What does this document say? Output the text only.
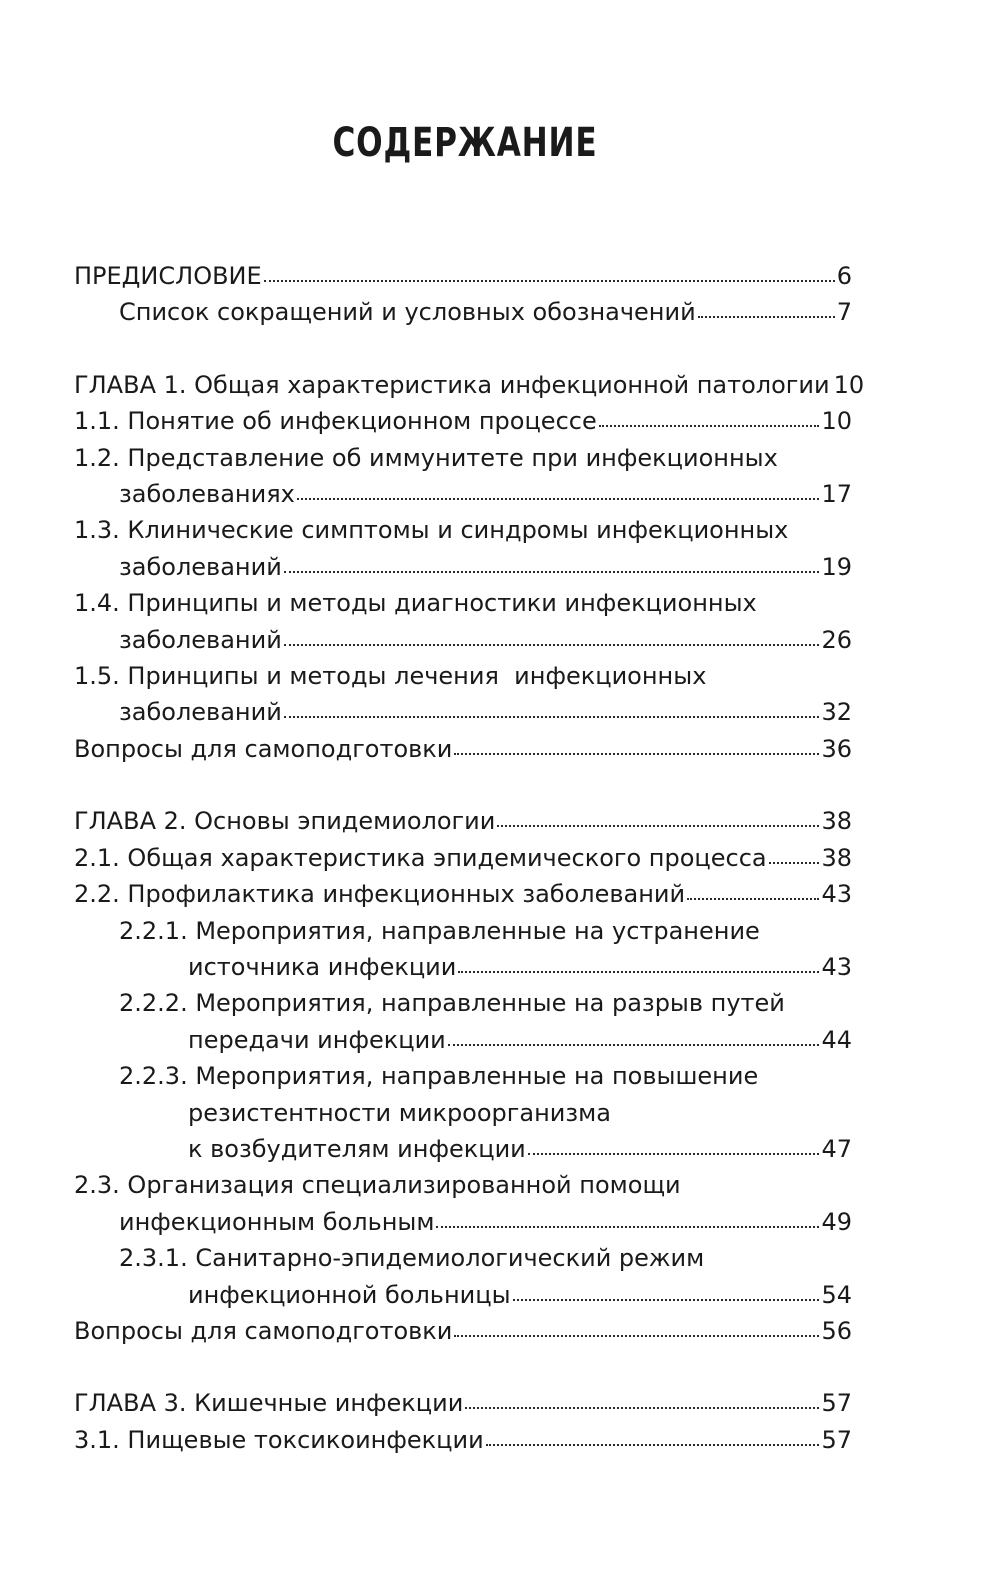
СОДЕРЖАНИЕ
ПРЕДИСЛОВИЕ	6
Список сокращений и условных обозначений	7
ГЛАВА 1. Общая характеристика инфекционной патологии 10
1.1. Понятие об инфекционном процессе	10
1.2. Представление об иммунитете при инфекционных
заболеваниях	17
1.3. Клинические симптомы и синдромы инфекционных
заболеваний	19
1.4. Принципы и методы диагностики инфекционных
заболеваний	26
1.5. Принципы и методы лечения  инфекционных
заболеваний	32
Вопросы для самоподготовки	36
ГЛАВА 2. Основы эпидемиологии	38
2.1. Общая характеристика эпидемического процесса 38
2.2. Профилактика инфекционных заболеваний	43
2.2.1. Мероприятия, направленные на устранение
источника инфекции	43
2.2.2. Мероприятия, направленные на разрыв путей
передачи инфекции	44
2.2.3. Мероприятия, направленные на повышение
резистентности микроорганизма
к возбудителям инфекции	47
2.3. Организация специализированной помощи
инфекционным больным	49
2.3.1. Санитарно-эпидемиологический режим
инфекционной больницы	54
Вопросы для самоподготовки	56
ГЛАВА 3. Кишечные инфекции	57
3.1. Пищевые токсикоинфекции	57
